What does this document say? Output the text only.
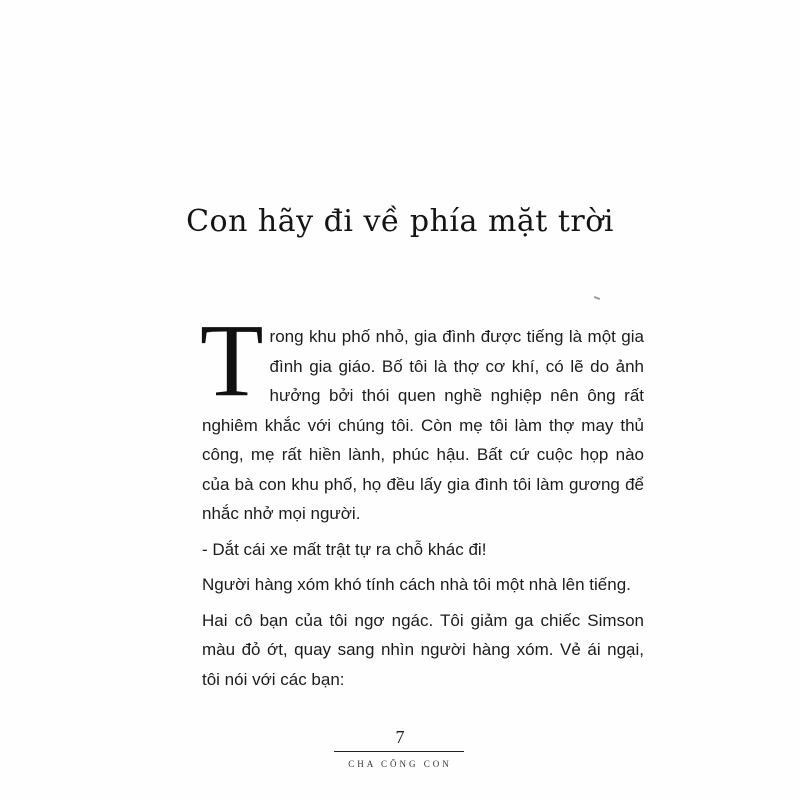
Con hãy đi về phía mặt trời

Trong khu phố nhỏ, gia đình được tiếng là một gia đình gia giáo. Bố tôi là thợ cơ khí, có lẽ do ảnh hưởng bởi thói quen nghề nghiệp nên ông rất nghiêm khắc với chúng tôi. Còn mẹ tôi làm thợ may thủ công, mẹ rất hiền lành, phúc hậu. Bất cứ cuộc họp nào của bà con khu phố, họ đều lấy gia đình tôi làm gương để nhắc nhở mọi người.

- Dắt cái xe mất trật tự ra chỗ khác đi!

Người hàng xóm khó tính cách nhà tôi một nhà lên tiếng.

Hai cô bạn của tôi ngơ ngác. Tôi giảm ga chiếc Simson màu đỏ ớt, quay sang nhìn người hàng xóm. Vẻ ái ngại, tôi nói với các bạn:

7
CHA CÕNG CON
